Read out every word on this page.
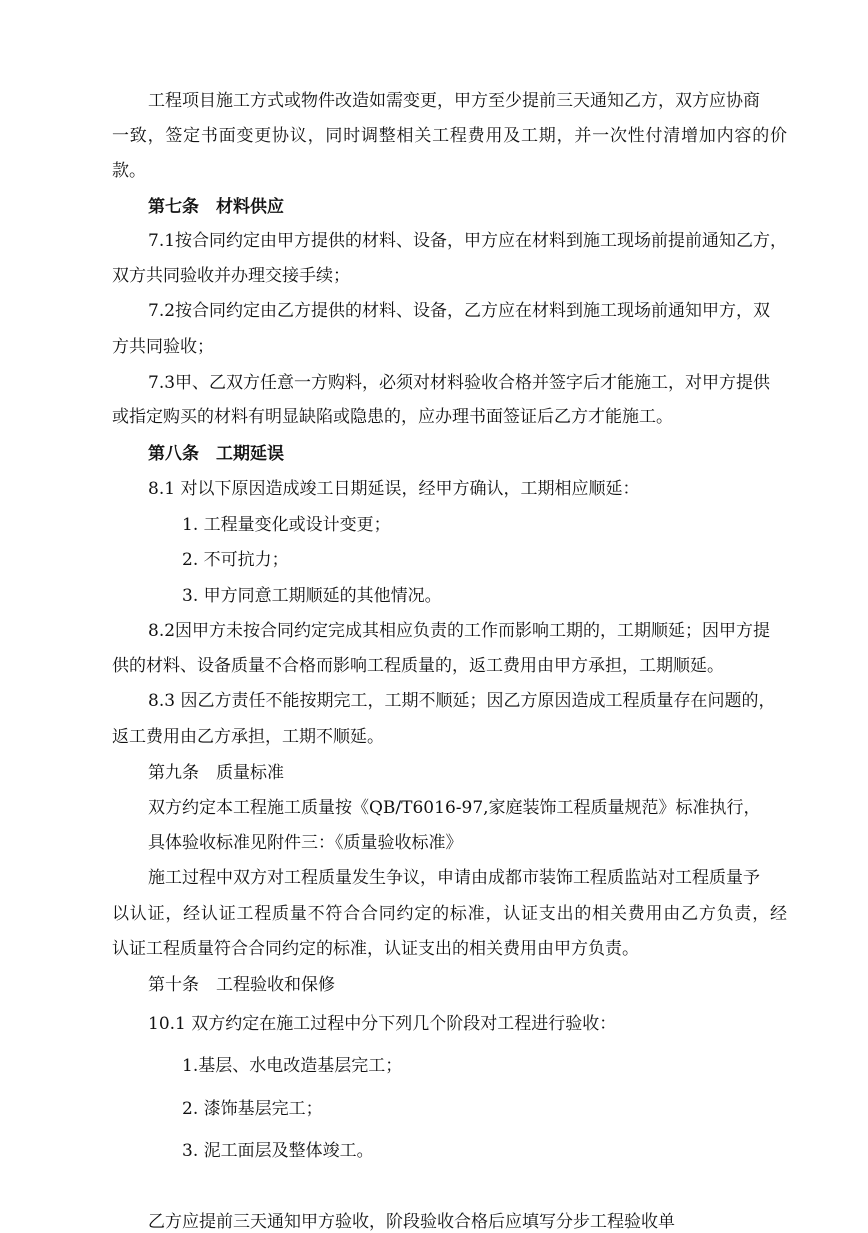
工程项目施工方式或物件改造如需变更，甲方至少提前三天通知乙方，双方应协商
一致，签定书面变更协议，同时调整相关工程费用及工期，并一次性付清增加内容的价
款。
第七条　材料供应
7.1按合同约定由甲方提供的材料、设备，甲方应在材料到施工现场前提前通知乙方，
双方共同验收并办理交接手续；
7.2按合同约定由乙方提供的材料、设备，乙方应在材料到施工现场前通知甲方，双
方共同验收；
7.3甲、乙双方任意一方购料，必须对材料验收合格并签字后才能施工，对甲方提供
或指定购买的材料有明显缺陷或隐患的，应办理书面签证后乙方才能施工。
第八条　工期延误
8.1 对以下原因造成竣工日期延误，经甲方确认，工期相应顺延：
1. 工程量变化或设计变更；
2. 不可抗力；
3. 甲方同意工期顺延的其他情况。
8.2因甲方未按合同约定完成其相应负责的工作而影响工期的，工期顺延；因甲方提
供的材料、设备质量不合格而影响工程质量的，返工费用由甲方承担，工期顺延。
8.3 因乙方责任不能按期完工，工期不顺延；因乙方原因造成工程质量存在问题的，
返工费用由乙方承担，工期不顺延。
第九条　质量标准
双方约定本工程施工质量按《QB/T6016-97,家庭装饰工程质量规范》标准执行，
具体验收标准见附件三：《质量验收标准》
施工过程中双方对工程质量发生争议，申请由成都市装饰工程质监站对工程质量予
以认证，经认证工程质量不符合合同约定的标准，认证支出的相关费用由乙方负责，经
认证工程质量符合合同约定的标准，认证支出的相关费用由甲方负责。
第十条　工程验收和保修
10.1 双方约定在施工过程中分下列几个阶段对工程进行验收：
1.基层、水电改造基层完工；
2. 漆饰基层完工；
3. 泥工面层及整体竣工。
乙方应提前三天通知甲方验收，阶段验收合格后应填写分步工程验收单
